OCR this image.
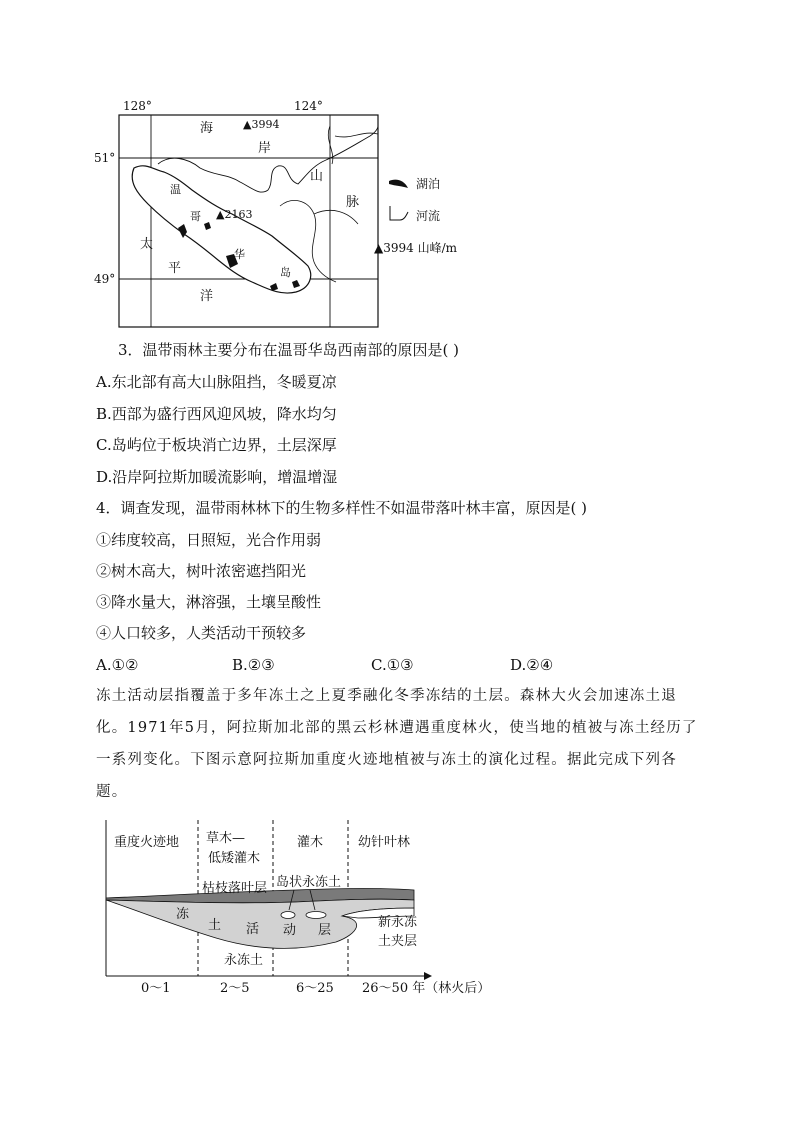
128°	124°
51°
49°
▲3994
▲2163
海
岸
山
脉
温
哥
华
岛
太
平
洋
湖泊
河流
▲3994 山峰/m
3．温带雨林主要分布在温哥华岛西南部的原因是( )
A.东北部有高大山脉阻挡，冬暖夏凉
B.西部为盛行西风迎风坡，降水均匀
C.岛屿位于板块消亡边界，土层深厚
D.沿岸阿拉斯加暖流影响，增温增湿
4．调查发现，温带雨林林下的生物多样性不如温带落叶林丰富，原因是( )
①纬度较高，日照短，光合作用弱
②树木高大，树叶浓密遮挡阳光
③降水量大，淋溶强，土壤呈酸性
④人口较多，人类活动干预较多
A.①②	B.②③	C.①③	D.②④
冻土活动层指覆盖于多年冻土之上夏季融化冬季冻结的土层。森林大火会加速冻土退
化。1971年5月，阿拉斯加北部的黑云杉林遭遇重度林火，使当地的植被与冻土经历了
一系列变化。下图示意阿拉斯加重度火迹地植被与冻土的演化过程。据此完成下列各
题。
重度火迹地 草木—
低矮灌木
灌木	幼针叶林
枯枝落叶层 岛状永冻土
冻
土 活 动 层
永冻土
新永冻
土夹层
0～1	2～5	6～25 26～50 年（林火后）
